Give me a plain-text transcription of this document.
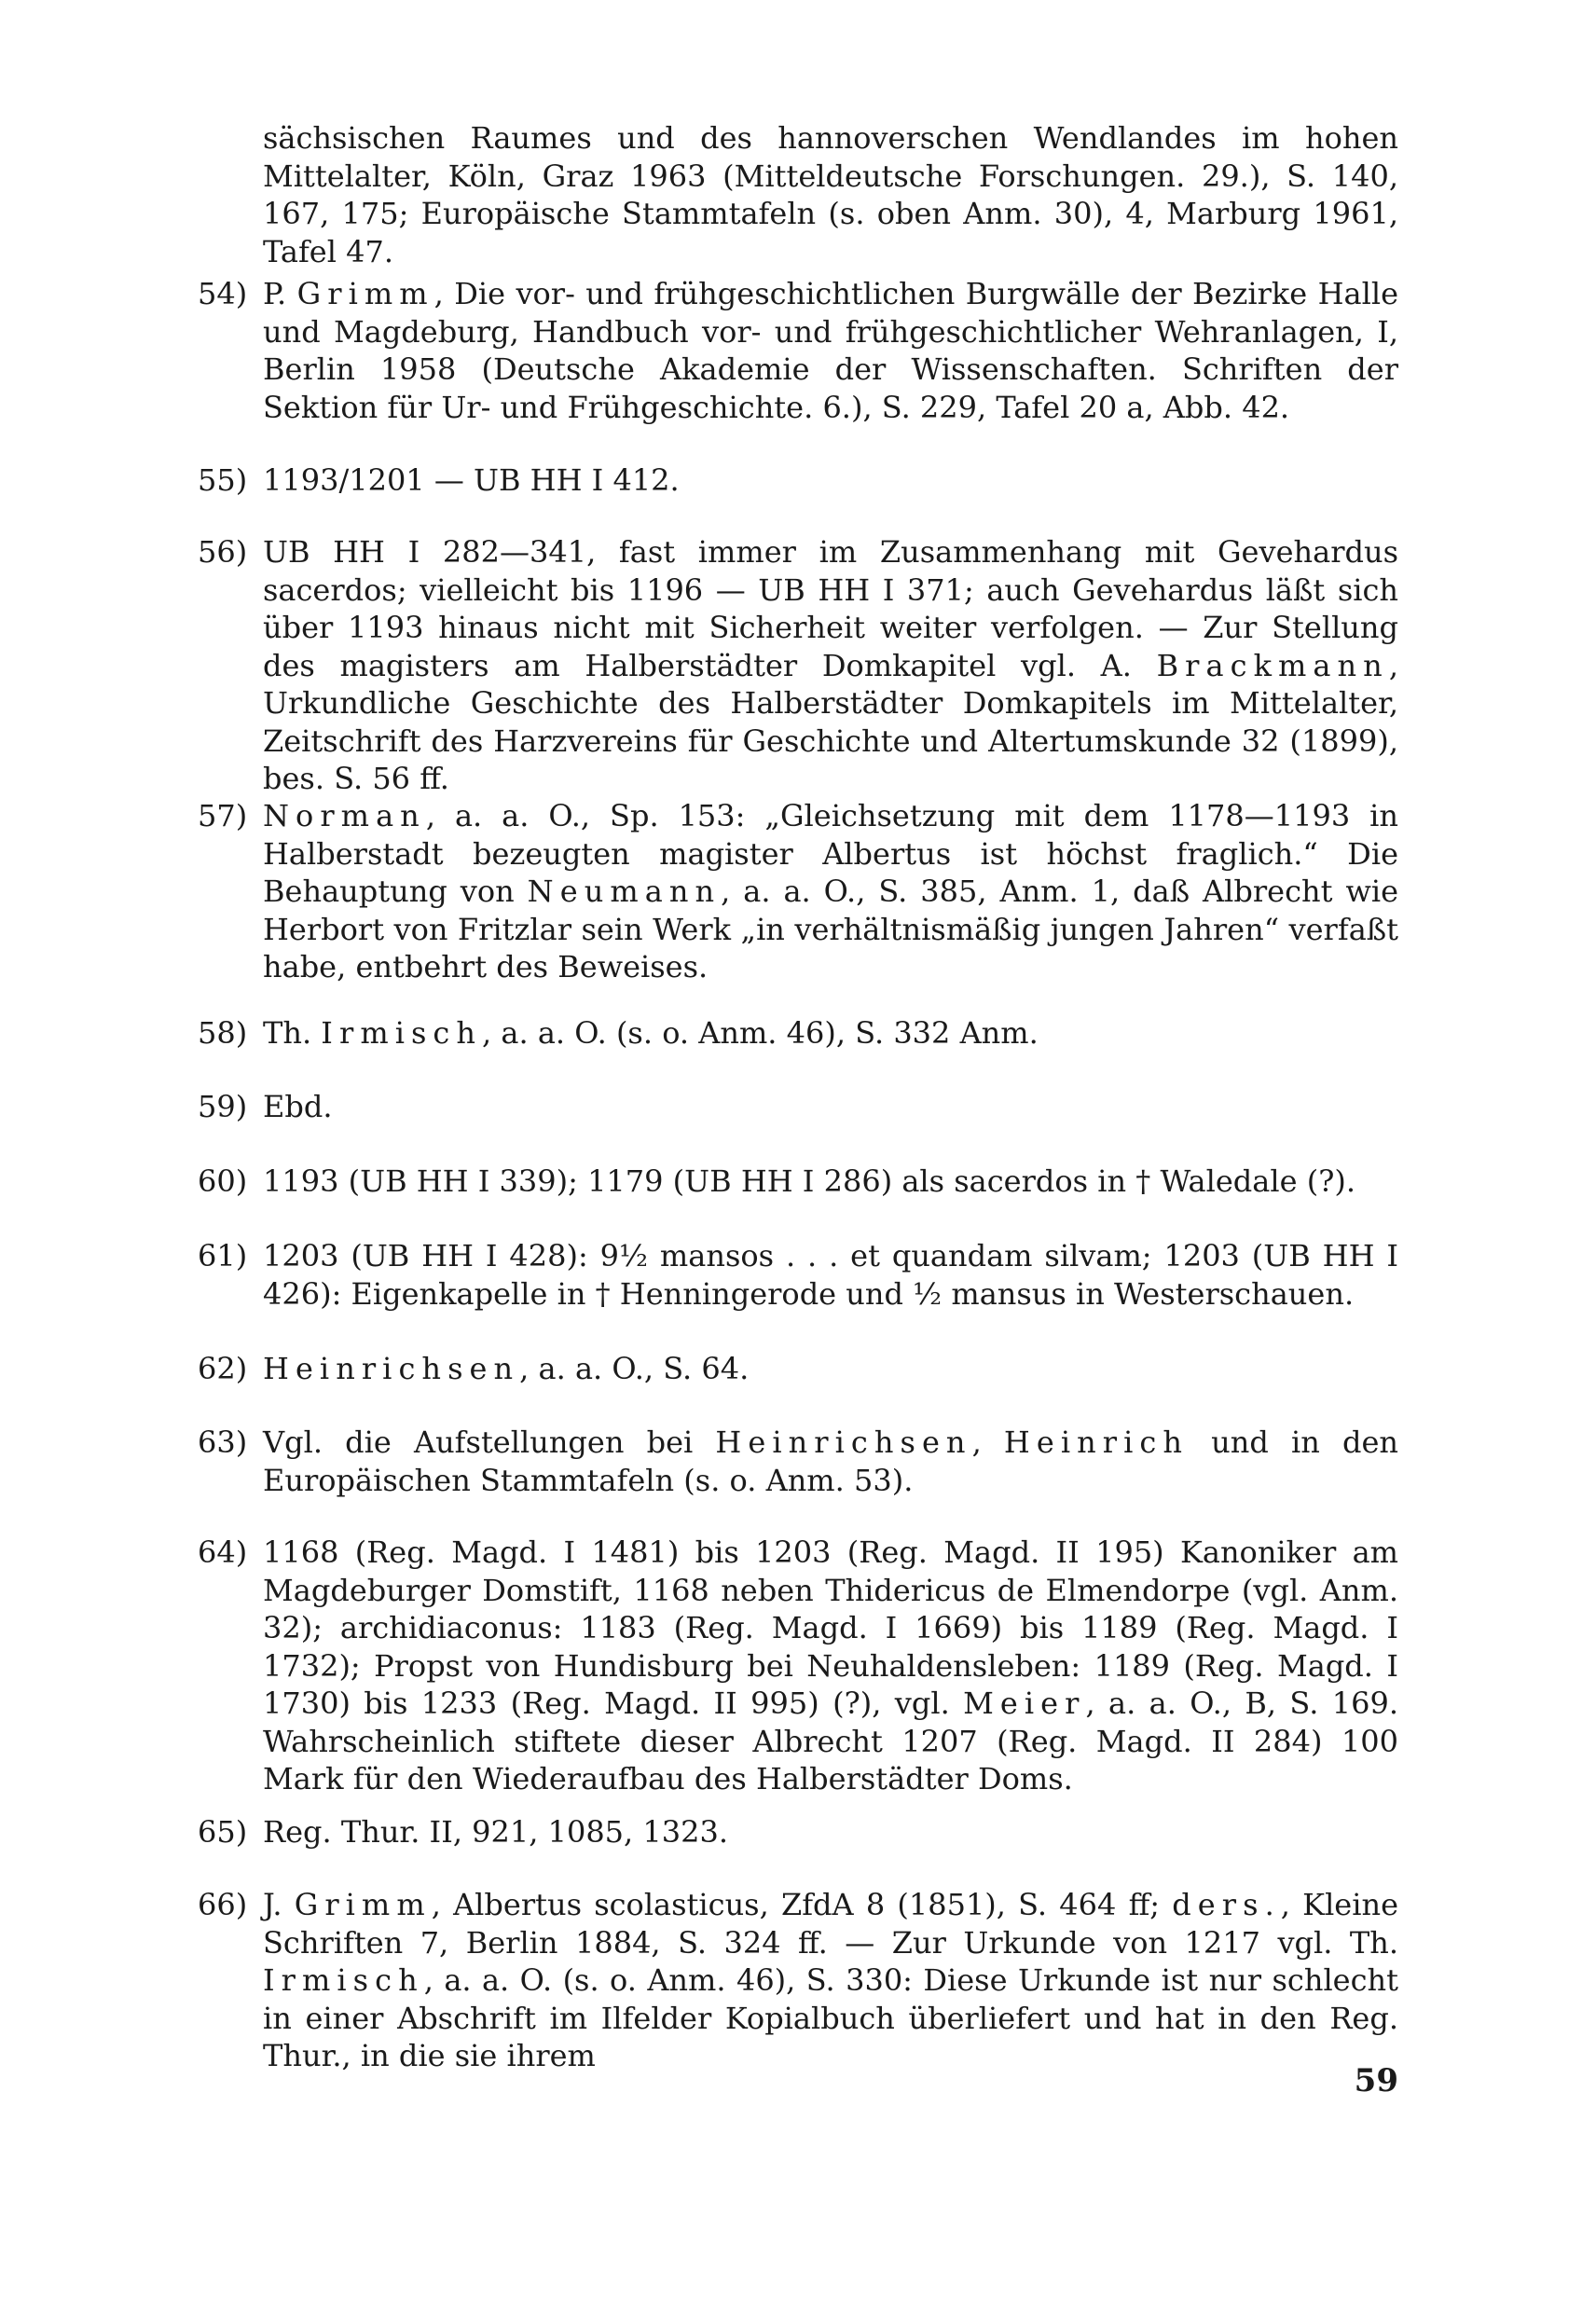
sächsischen Raumes und des hannoverschen Wendlandes im hohen Mittelalter, Köln, Graz 1963 (Mitteldeutsche Forschungen. 29.), S. 140, 167, 175; Europäische Stammtafeln (s. oben Anm. 30), 4, Marburg 1961, Tafel 47.
54) P. Grimm, Die vor- und frühgeschichtlichen Burgwälle der Bezirke Halle und Magdeburg, Handbuch vor- und frühgeschichtlicher Wehranlagen, I, Berlin 1958 (Deutsche Akademie der Wissenschaften. Schriften der Sektion für Ur- und Frühgeschichte. 6.), S. 229, Tafel 20 a, Abb. 42.
55) 1193/1201 — UB HH I 412.
56) UB HH I 282—341, fast immer im Zusammenhang mit Gevehardus sacerdos; vielleicht bis 1196 — UB HH I 371; auch Gevehardus läßt sich über 1193 hinaus nicht mit Sicherheit weiter verfolgen. — Zur Stellung des magisters am Halberstädter Domkapitel vgl. A. Brackmann, Urkundliche Geschichte des Halberstädter Domkapitels im Mittelalter, Zeitschrift des Harzvereins für Geschichte und Altertumskunde 32 (1899), bes. S. 56 ff.
57) Norman, a. a. O., Sp. 153: „Gleichsetzung mit dem 1178—1193 in Halberstadt bezeugten magister Albertus ist höchst fraglich.“ Die Behauptung von Neumann, a. a. O., S. 385, Anm. 1, daß Albrecht wie Herbort von Fritzlar sein Werk „in verhältnismäßig jungen Jahren“ verfaßt habe, entbehrt des Beweises.
58) Th. Irmisch, a. a. O. (s. o. Anm. 46), S. 332 Anm.
59) Ebd.
60) 1193 (UB HH I 339); 1179 (UB HH I 286) als sacerdos in † Waledale (?).
61) 1203 (UB HH I 428): 9½ mansos . . . et quandam silvam; 1203 (UB HH I 426): Eigenkapelle in † Henningerode und ½ mansus in Westerschauen.
62) Heinrichsen, a. a. O., S. 64.
63) Vgl. die Aufstellungen bei Heinrichsen, Heinrich und in den Europäischen Stammtafeln (s. o. Anm. 53).
64) 1168 (Reg. Magd. I 1481) bis 1203 (Reg. Magd. II 195) Kanoniker am Magdeburger Domstift, 1168 neben Thidericus de Elmendorpe (vgl. Anm. 32); archidiaconus: 1183 (Reg. Magd. I 1669) bis 1189 (Reg. Magd. I 1732); Propst von Hundisburg bei Neuhaldensleben: 1189 (Reg. Magd. I 1730) bis 1233 (Reg. Magd. II 995) (?), vgl. Meier, a. a. O., B, S. 169. Wahrscheinlich stiftete dieser Albrecht 1207 (Reg. Magd. II 284) 100 Mark für den Wiederaufbau des Halberstädter Doms.
65) Reg. Thur. II, 921, 1085, 1323.
66) J. Grimm, Albertus scolasticus, ZfdA 8 (1851), S. 464 ff; ders., Kleine Schriften 7, Berlin 1884, S. 324 ff. — Zur Urkunde von 1217 vgl. Th. Irmisch, a. a. O. (s. o. Anm. 46), S. 330: Diese Urkunde ist nur schlecht in einer Abschrift im Ilfelder Kopialbuch überliefert und hat in den Reg. Thur., in die sie ihrem
59
